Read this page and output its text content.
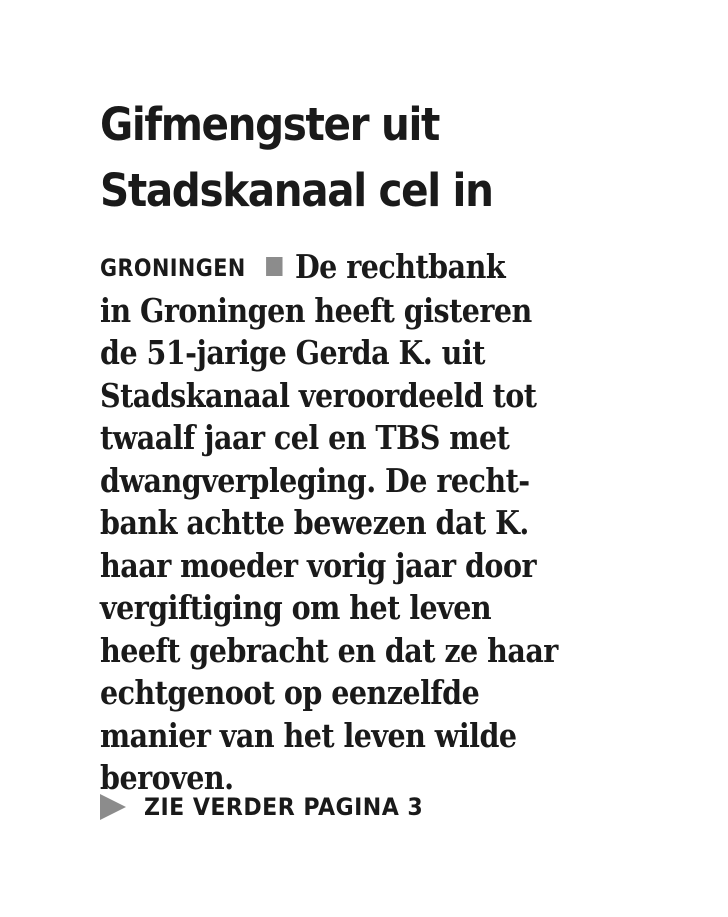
Gifmengster uit
Stadskanaal cel in
GRONINGEN De rechtbank
in Groningen heeft gisteren
de 51-jarige Gerda K. uit
Stadskanaal veroordeeld tot
twaalf jaar cel en TBS met
dwangverpleging. De recht-
bank achtte bewezen dat K.
haar moeder vorig jaar door
vergiftiging om het leven
heeft gebracht en dat ze haar
echtgenoot op eenzelfde
manier van het leven wilde
beroven.
ZIE VERDER PAGINA 3
